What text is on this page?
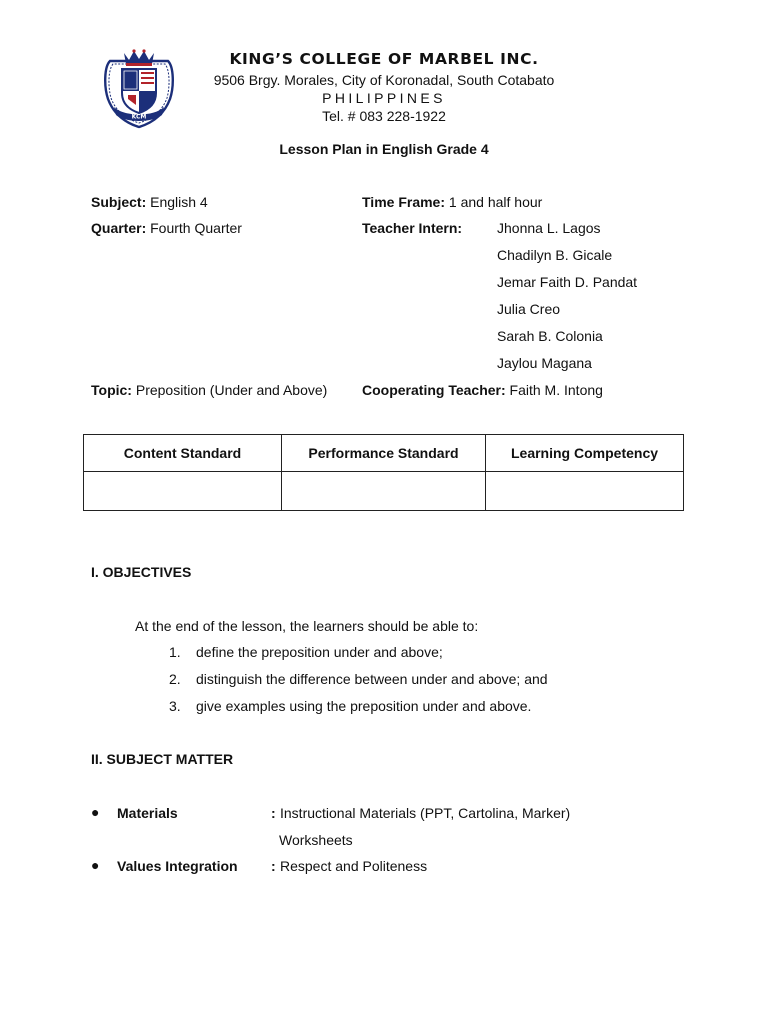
KCM
KING’S COLLEGE OF MARBEL INC.
9506 Brgy. Morales, City of Koronadal, South Cotabato
PHILIPPINES
Tel. # 083 228-1922
Lesson Plan in English Grade 4
Subject: English 4	Time Frame: 1 and half hour
Quarter: Fourth Quarter	Teacher Intern: Jhonna L. Lagos
Chadilyn B. Gicale
Jemar Faith D. Pandat
Julia Creo
Sarah B. Colonia
Jaylou Magana
Topic: Preposition (Under and Above) Cooperating Teacher: Faith M. Intong
Content Standard	Performance Standard	Learning Competency

I. OBJECTIVES
At the end of the lesson, the learners should be able to:
1. define the preposition under and above;
2. distinguish the difference between under and above; and
3. give examples using the preposition under and above.
II. SUBJECT MATTER
● Materials	: Instructional Materials (PPT, Cartolina, Marker)
Worksheets
● Values Integration : Respect and Politeness
